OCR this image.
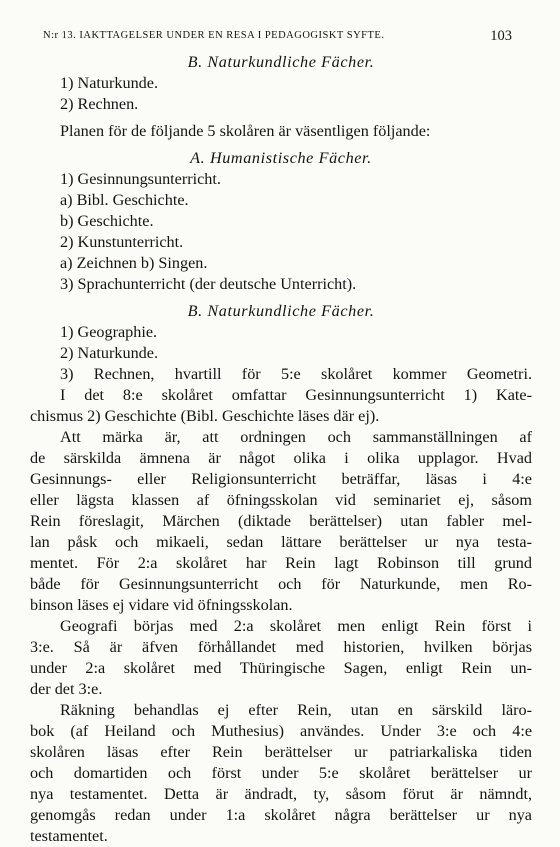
N:r 13. IAKTTAGELSER UNDER EN RESA I PEDAGOGISKT SYFTE.	103
B. Naturkundliche Fächer.
1) Naturkunde.
2) Rechnen.
Planen för de följande 5 skolåren är väsentligen följande:
A. Humanistische Fächer.
1) Gesinnungsunterricht.
a) Bibl. Geschichte.
b) Geschichte.
2) Kunstunterricht.
a) Zeichnen b) Singen.
3) Sprachunterricht (der deutsche Unterricht).
B. Naturkundliche Fächer.
1) Geographie.
2) Naturkunde.
3) Rechnen, hvartill för 5:e skolåret kommer Geometri.
I det 8:e skolåret omfattar Gesinnungsunterricht 1) Kate-
chismus 2) Geschichte (Bibl. Geschichte läses där ej).
Att märka är, att ordningen och sammanställningen af
de särskilda ämnena är något olika i olika upplagor. Hvad
Gesinnungs- eller Religionsunterricht beträffar, läsas i 4:e
eller lägsta klassen af öfningsskolan vid seminariet ej, såsom
Rein föreslagit, Märchen (diktade berättelser) utan fabler mel-
lan påsk och mikaeli, sedan lättare berättelser ur nya testa-
mentet. För 2:a skolåret har Rein lagt Robinson till grund
både för Gesinnungsunterricht och för Naturkunde, men Ro-
binson läses ej vidare vid öfningsskolan.
Geografi börjas med 2:a skolåret men enligt Rein först i
3:e. Så är äfven förhållandet med historien, hvilken börjas
under 2:a skolåret med Thüringische Sagen, enligt Rein un-
der det 3:e.
Räkning behandlas ej efter Rein, utan en särskild läro-
bok (af Heiland och Muthesius) användes. Under 3:e och 4:e
skolåren läsas efter Rein berättelser ur patriarkaliska tiden
och domartiden och först under 5:e skolåret berättelser ur
nya testamentet. Detta är ändradt, ty, såsom förut är nämndt,
genomgås redan under 1:a skolåret några berättelser ur nya
testamentet.
